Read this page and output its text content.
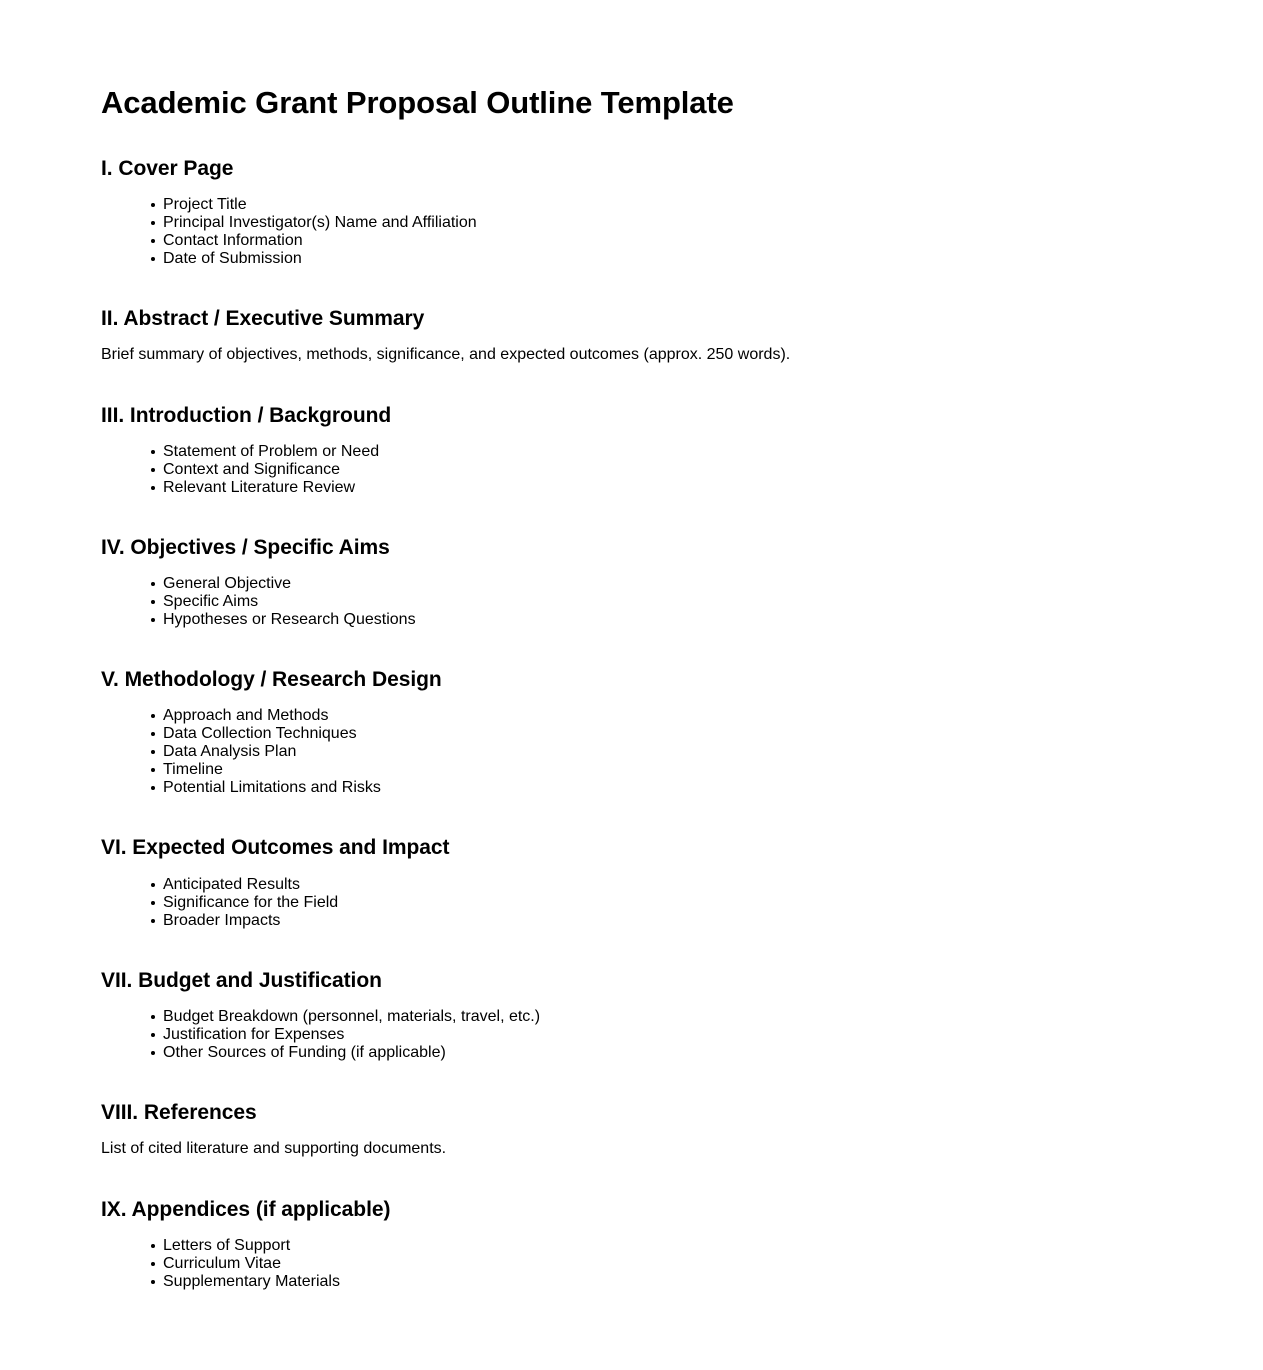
Academic Grant Proposal Outline Template
I. Cover Page
Project Title
Principal Investigator(s) Name and Affiliation
Contact Information
Date of Submission
II. Abstract / Executive Summary

Brief summary of objectives, methods, significance, and expected outcomes (approx. 250 words).

III. Introduction / Background
Statement of Problem or Need
Context and Significance
Relevant Literature Review
IV. Objectives / Specific Aims
General Objective
Specific Aims
Hypotheses or Research Questions
V. Methodology / Research Design
Approach and Methods
Data Collection Techniques
Data Analysis Plan
Timeline
Potential Limitations and Risks
VI. Expected Outcomes and Impact
Anticipated Results
Significance for the Field
Broader Impacts
VII. Budget and Justification
Budget Breakdown (personnel, materials, travel, etc.)
Justification for Expenses
Other Sources of Funding (if applicable)
VIII. References

List of cited literature and supporting documents.

IX. Appendices (if applicable)
Letters of Support
Curriculum Vitae
Supplementary Materials
